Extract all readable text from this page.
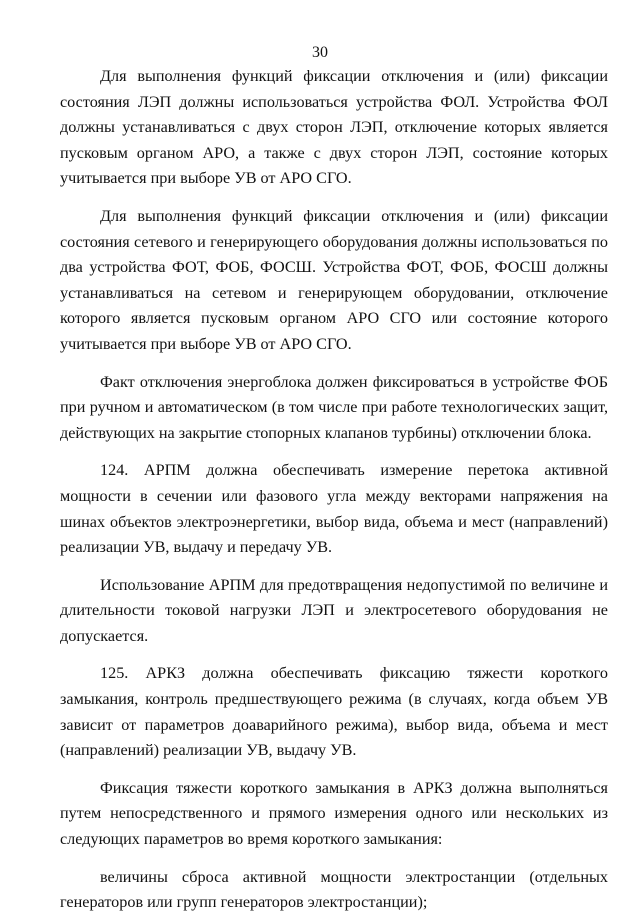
30

Для выполнения функций фиксации отключения и (или) фиксации состояния ЛЭП должны использоваться устройства ФОЛ. Устройства ФОЛ должны устанавливаться с двух сторон ЛЭП, отключение которых является пусковым органом АРО, а также с двух сторон ЛЭП, состояние которых учитывается при выборе УВ от АРО СГО.

Для выполнения функций фиксации отключения и (или) фиксации состояния сетевого и генерирующего оборудования должны использоваться по два устройства ФОТ, ФОБ, ФОСШ. Устройства ФОТ, ФОБ, ФОСШ должны устанавливаться на сетевом и генерирующем оборудовании, отключение которого является пусковым органом АРО СГО или состояние которого учитывается при выборе УВ от АРО СГО.

Факт отключения энергоблока должен фиксироваться в устройстве ФОБ при ручном и автоматическом (в том числе при работе технологических защит, действующих на закрытие стопорных клапанов турбины) отключении блока.

124. АРПМ должна обеспечивать измерение перетока активной мощности в сечении или фазового угла между векторами напряжения на шинах объектов электроэнергетики, выбор вида, объема и мест (направлений) реализации УВ, выдачу и передачу УВ.

Использование АРПМ для предотвращения недопустимой по величине и длительности токовой нагрузки ЛЭП и электросетевого оборудования не допускается.

125. АРКЗ должна обеспечивать фиксацию тяжести короткого замыкания, контроль предшествующего режима (в случаях, когда объем УВ зависит от параметров доаварийного режима), выбор вида, объема и мест (направлений) реализации УВ, выдачу УВ.

Фиксация тяжести короткого замыкания в АРКЗ должна выполняться путем непосредственного и прямого измерения одного или нескольких из следующих параметров во время короткого замыкания:

величины сброса активной мощности электростанции (отдельных генераторов или групп генераторов электростанции);
